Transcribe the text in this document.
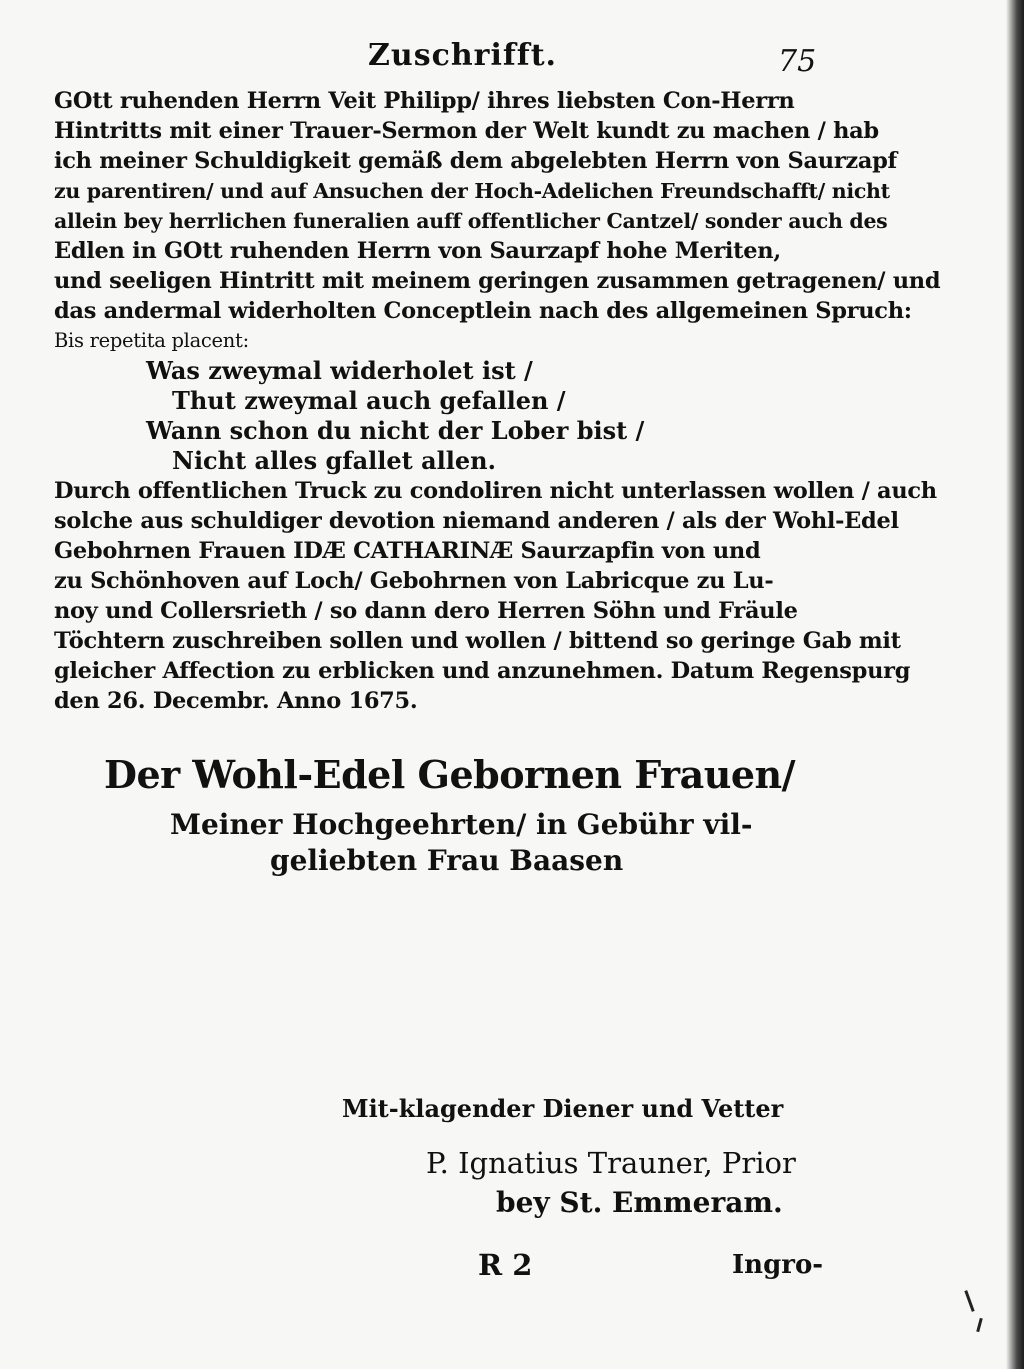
Zuschrifft.	75
GOtt ruhenden Herrn Veit Philipp/ ihres liebsten Con-Herrn
Hintritts mit einer Trauer-Sermon der Welt kundt zu machen / hab
ich meiner Schuldigkeit gemäß dem abgelebten Herrn von Saurzapf
zu parentiren/ und auf Ansuchen der Hoch-Adelichen Freundschafft/ nicht
allein bey herrlichen funeralien auff offentlicher Cantzel/ sonder auch des
Edlen in GOtt ruhenden Herrn von Saurzapf hohe Meriten,
und seeligen Hintritt mit meinem geringen zusammen getragenen/ und
das andermal widerholten Conceptlein nach des allgemeinen Spruch:
Bis repetita placent:
Was zweymal widerholet ist /
Thut zweymal auch gefallen /
Wann schon du nicht der Lober bist /
Nicht alles gfallet allen.
Durch offentlichen Truck zu condoliren nicht unterlassen wollen / auch
solche aus schuldiger devotion niemand anderen / als der Wohl-Edel
Gebohrnen Frauen IDÆ CATHARINÆ Saurzapfin von und
zu Schönhoven auf Loch/ Gebohrnen von Labricque zu Lu-
noy und Collersrieth / so dann dero Herren Söhn und Fräule
Töchtern zuschreiben sollen und wollen / bittend so geringe Gab mit
gleicher Affection zu erblicken und anzunehmen. Datum Regenspurg
den 26. Decembr. Anno 1675.
Der Wohl-Edel Gebornen Frauen/
Meiner Hochgeehrten/ in Gebühr vil-
geliebten Frau Baasen
Mit-klagender Diener und Vetter
P. Ignatius Trauner, Prior
bey St. Emmeram.
R 2	Ingro-
